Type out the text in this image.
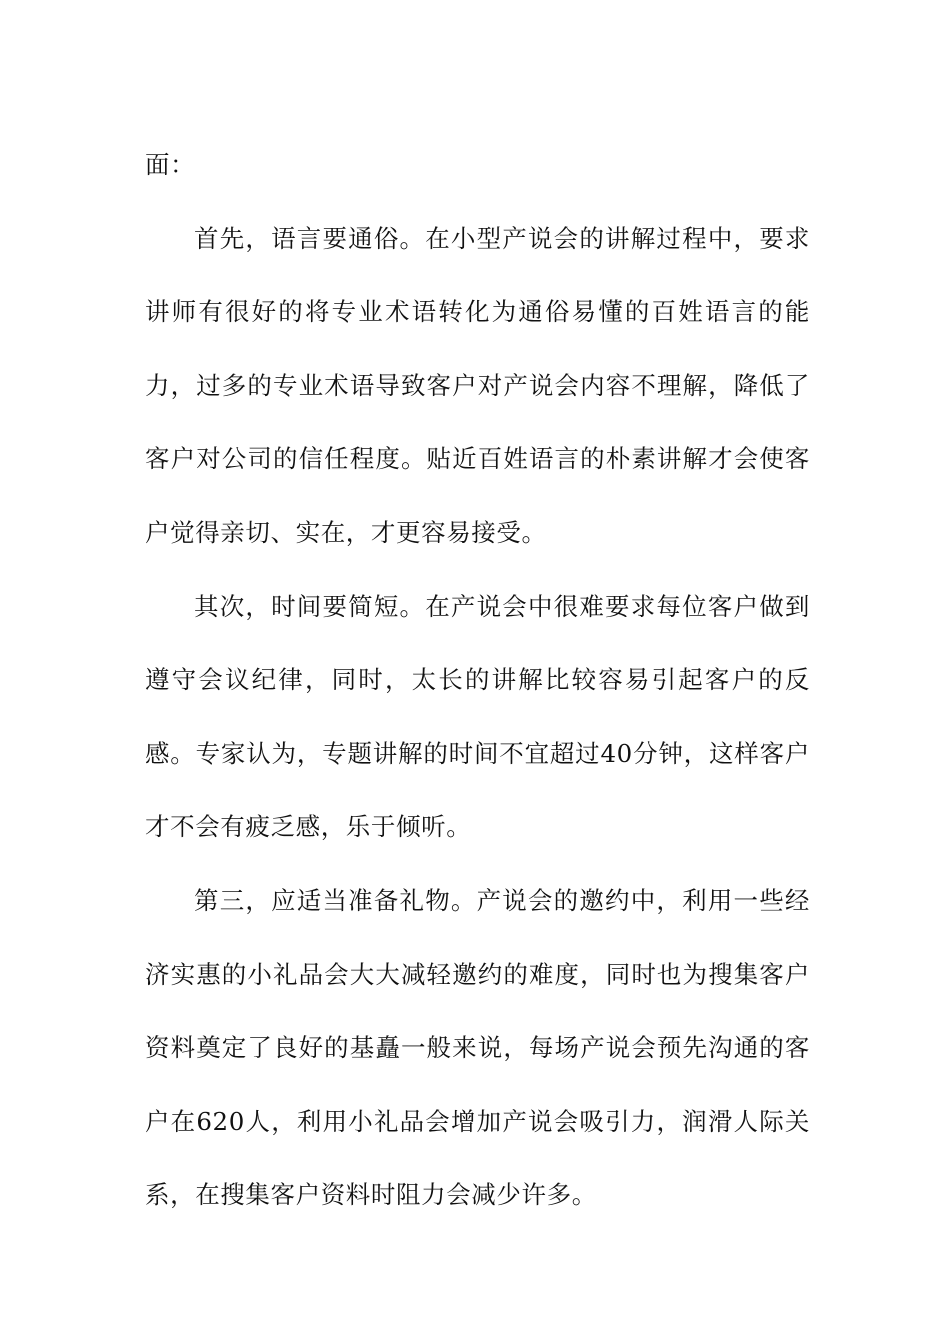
面：

首先，语言要通俗。在小型产说会的讲解过程中，要求讲师有很好的将专业术语转化为通俗易懂的百姓语言的能力，过多的专业术语导致客户对产说会内容不理解，降低了客户对公司的信任程度。贴近百姓语言的朴素讲解才会使客户觉得亲切、实在，才更容易接受。

其次，时间要简短。在产说会中很难要求每位客户做到遵守会议纪律，同时，太长的讲解比较容易引起客户的反感。专家认为，专题讲解的时间不宜超过40分钟，这样客户才不会有疲乏感，乐于倾听。

第三，应适当准备礼物。产说会的邀约中，利用一些经济实惠的小礼品会大大减轻邀约的难度，同时也为搜集客户资料奠定了良好的基矗一般来说，每场产说会预先沟通的客户在620人，利用小礼品会增加产说会吸引力，润滑人际关系，在搜集客户资料时阻力会减少许多。
